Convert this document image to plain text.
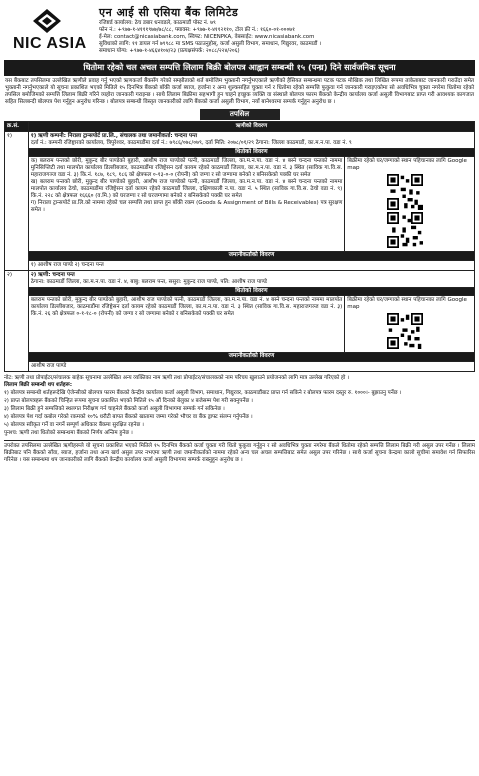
NIC ASIA
एन आई सी एसिया बैंक लिमिटेड
रजिष्टर्ड कार्यालय: ठेच डबार धनवडले, काठमाडौं पोस्ट नं. ७९
फोन नं.: +९७७-१-४१११९७७/७८/८८, फ्याक्स: +९७७-१-४११२११०, टोल फ्री नं.: १६६०-०१-०००७१
ई-मेल: contact@nicasiabank.com, स्विफ्ट: NICENPKA, वेबसाईट: www.nicasiabank.com
सुविधाको लागि: ११ डायल गर्न ७९९८८ मा SMS पठाउनुहोस्, कर्जा असुली विभाग, समाधान, गिद्युरवर, काठमाडौं ।
समाधान योग्य: +९७७-१-४६६४१०४/२३ (प्रत्यक्षसंपर्क: २०८८/२२४/२०६)
धितोमा रहेको चल अचल सम्पत्ति लिलाम बिक्री बोलपत्र आह्वान सम्बन्धी १५ (पन्ध्र) दिने सार्वजनिक सूचना
यस बैंकबाट तपसिलमा उल्लेखित ऋणीले प्रवाह गर्नु भएको ऋणकर्जा बैंकसँग गरेको सम्झौताको शर्त बमोजिम भुक्तानी नगर्नुभएकाले ऋणीको हैसियत सम्बन्धमा पटक पटक मौखिक तथा लिखित रूपमा ताकेताबाट जानकारी गराउँदा समेत भुक्तानी नगर्नुभएकाले यो सूचना प्रकाशित भएको मितिले १५ दिनभित्र बैंकको बाँकी कर्जा ब्याज, हर्जाना र अन्य शुल्कसहित चुक्ता गर्न र धितोमा रहेको सम्पत्ति फुकुवा गर्न जानकारी गराइएकोमा सो अवधिभित्र चुक्ता नगरेमा धितोमा रहेको तपसिल बमोजिमको सम्पत्ति लिलाम बिक्री गरिने व्यहोरा जानकारी गराइन्छ । साथै लिलाम बिक्रीमा सहभागी हुन चाहने इच्छुक व्यक्ति वा संस्थाले बोलपत्र फारम बैंकको केन्द्रीय कार्यालय कर्जा असुली विभागबाट प्राप्त गरी आवश्यक कागजात सहित सिलबन्दी बोलपत्र पेश गर्नुहुन अनुरोध गरिन्छ । बोलपत्र सम्बन्धी विस्तृत जानकारीको लागि बैंकको कर्जा असुली विभाग, नयाँ बानेश्वरमा सम्पर्क गर्नुहुन अनुरोध छ ।
तपसिल
क्र.सं.	ऋणीको विवरण	
१)	१) ऋणी कम्पनी: निराला ट्रान्सपोर्ट प्रा.लि., संचालक तथा जमानीकर्ता: चन्दना पन्त
दर्ता नं.: कम्पनी रजिष्ट्रारको कार्यालय, त्रिपुरेश्वर, काठमाडौंमा दर्ता नं.: ७९८६/०७८/०७९, दर्ता मिति: २०७८/०१/२९ ठेगाना: जिल्ला काठमाडौं, का.म.न.पा. वडा नं. ९	

	धितोको विवरण	

	क) बलराम पन्तको छोरी, मुकुन्द बीर पाण्डेको बुहारी, आशीष राज पाण्डेको पत्नी, काठमाडौं जिल्ला, का.म.न.पा. वडा नं. ४ बस्ने चन्दना पन्तको नाममा मुनिसिप्लिटी तथा मालपोत कार्यालय डिल्लीबजार, काठमाडौंमा रजिष्ट्रेसन दर्ता कायम रहेको काठमाडौं जिल्ला, का.म.न.पा. वडा नं. ३ स्थित (साविक गा.वि.स. महाराजगञ्ज वडा नं. ३) कि.नं. १८७, १८९, १८६ को क्षेत्रफल ०-१३-०-० (रोपनी) को जग्गा र सो जग्गामा बनेको र बनिसकेको पक्की घर समेत
ख) बलराम पन्तको छोरी, मुकुन्द बीर पाण्डेको बुहारी, आशीष राज पाण्डेको पत्नी, काठमाडौं जिल्ला, का.म.न.पा. वडा नं. ४ बस्ने चन्दना पन्तको नाममा मालपोत कार्यालय ठेचो, काठमाडौंमा रजिष्ट्रेसन दर्ता कायम रहेको काठमाडौं जिल्ला, दक्षिणकाली न.पा. वडा नं. ५ स्थित (साविक गा.वि.स. ठेचो वडा नं. ९) कि.नं. २२८ को क्षेत्रफल १६६६० (व.मि.) को घरजग्गा र सो घरजग्गामा बनेको र बनिसकेको पक्की घर समेत
ग) निराला ट्रान्सपोर्ट प्रा.लि.को नाममा रहेको चल सम्पत्ति तथा प्राप्त हुन बाँकी रकम (Goods & Assignment of Bills & Receivables) पत्र सुरक्षण समेत ।	बिक्रीमा रहेको घर/जग्गाको स्थान पहिचानका लागि Google map

	जमानीकर्ताको विवरण	
	१) आशीष राज पाण्डे २) चन्दना पन्त	
२)	२) ऋणी: चन्दना पन्त
ठेगाना: काठमाडौं जिल्ला, का.म.न.पा. वडा नं. ४, बाबु: बलराम पन्त, ससुरा: मुकुन्द राज पाण्डे, पति: आशीष राज पाण्डे	

	धितोको विवरण	
	बलराम पन्तको छोरी, मुकुन्द बीर पाण्डेको बुहारी, आशीष राज पाण्डेको पत्नी, काठमाडौं जिल्ला, का.म.न.पा. वडा नं. ४ बस्ने चन्दना पन्तको नाममा मालपोत कार्यालय डिल्लीबजार, काठमाडौंमा रजिष्ट्रेसन दर्ता कायम रहेको काठमाडौं जिल्ला, का.म.न.पा. वडा नं. ३ स्थित (साविक गा.वि.स. महाराजगञ्ज वडा नं. ३) कि.नं. २६ को क्षेत्रफल ०-१-१८-० (रोपनी) को जग्गा र सो जग्गामा बनेको र बनिसकेको पक्की घर समेत	बिक्रीमा रहेको घर/जग्गाको स्थान पहिचानका लागि Google map

	जमानीकर्ताको विवरण	
	आशीष राज पाण्डे	

नोट: ऋणी तथा प्रोपाईटर/संचालक बाहेक सूचनामा उल्लेखित अन्य व्यक्तिका नाम ऋणी तथा प्रोपाईटर/संचालकको नाम परिचय खुलाउने प्रयोजनको लागि मात्र उल्लेख गरिएको हो ।

लिलाम बिक्री सम्बन्धी थप शर्तहरू:

१) बोलपत्र सम्बन्धी शर्तहरूदेखि ऐजेन्सीको बोलपत्र फारम बैंकको केन्द्रीय कार्यालय कर्जा असुली विभाग, समाधान, गिद्युरवर, काठमाडौंबाट प्राप्त गर्न सकिने र बोलपत्र फारम दस्तुर रु. १०००।- बुझाउनु पर्नेछ ।

२) प्राप्त बोलपत्रहरू बैंकको चिन्हित रूपमा सूचना प्रकाशित भएको मितिले १५ औं दिनको बेलुका ४ बजेसम्म पेश गरी सक्नुपर्नेछ ।

३) लिलाम बिक्री हुने सम्पत्तिको स्थलगत निरीक्षण गर्न चाहनेले बैंकको कर्जा असुली विभागमा सम्पर्क गर्न सकिनेछ ।

४) बोलपत्र पेश गर्दा कबोल गरेको रकमको १०% धरौटी बापत बैंकको खातामा जम्मा गरेको भौचर वा बैंक ड्राफ्ट संलग्न गर्नुपर्नेछ ।

५) बोलपत्र स्वीकृत गर्ने वा नगर्ने सम्पूर्ण अधिकार बैंकमा सुरक्षित रहनेछ ।

पुनश्च: ऋणी तथा धितोको सम्बन्धमा बैंकको निर्णय अन्तिम हुनेछ ।

उपरोक्त तपसिलमा उल्लेखित ऋणीहरूले यो सूचना प्रकाशित भएको मितिले १५ दिनभित्र बैंकको कर्जा चुक्ता गरी धितो फुकुवा गर्नुहुन र सो अवधिभित्र चुक्ता नगरेमा बैंकले धितोमा रहेको सम्पत्ति लिलाम बिक्री गरी असुल उपर गर्नेछ । लिलाम बिक्रीबाट पनि बैंकको साँवा, ब्याज, हर्जाना तथा अन्य खर्च असुल उपर नभएमा ऋणी तथा जमानीकर्ताको नाममा रहेको अन्य चल अचल सम्पत्तिबाट समेत असुल उपर गरिनेछ । साथै कर्जा सूचना केन्द्रमा कालो सूचीमा समावेश गर्न सिफारिस गरिनेछ । यस सम्बन्धमा थप जानकारीको लागि बैंकको केन्द्रीय कार्यालय कर्जा असुली विभागमा सम्पर्क राख्नुहुन अनुरोध छ ।
